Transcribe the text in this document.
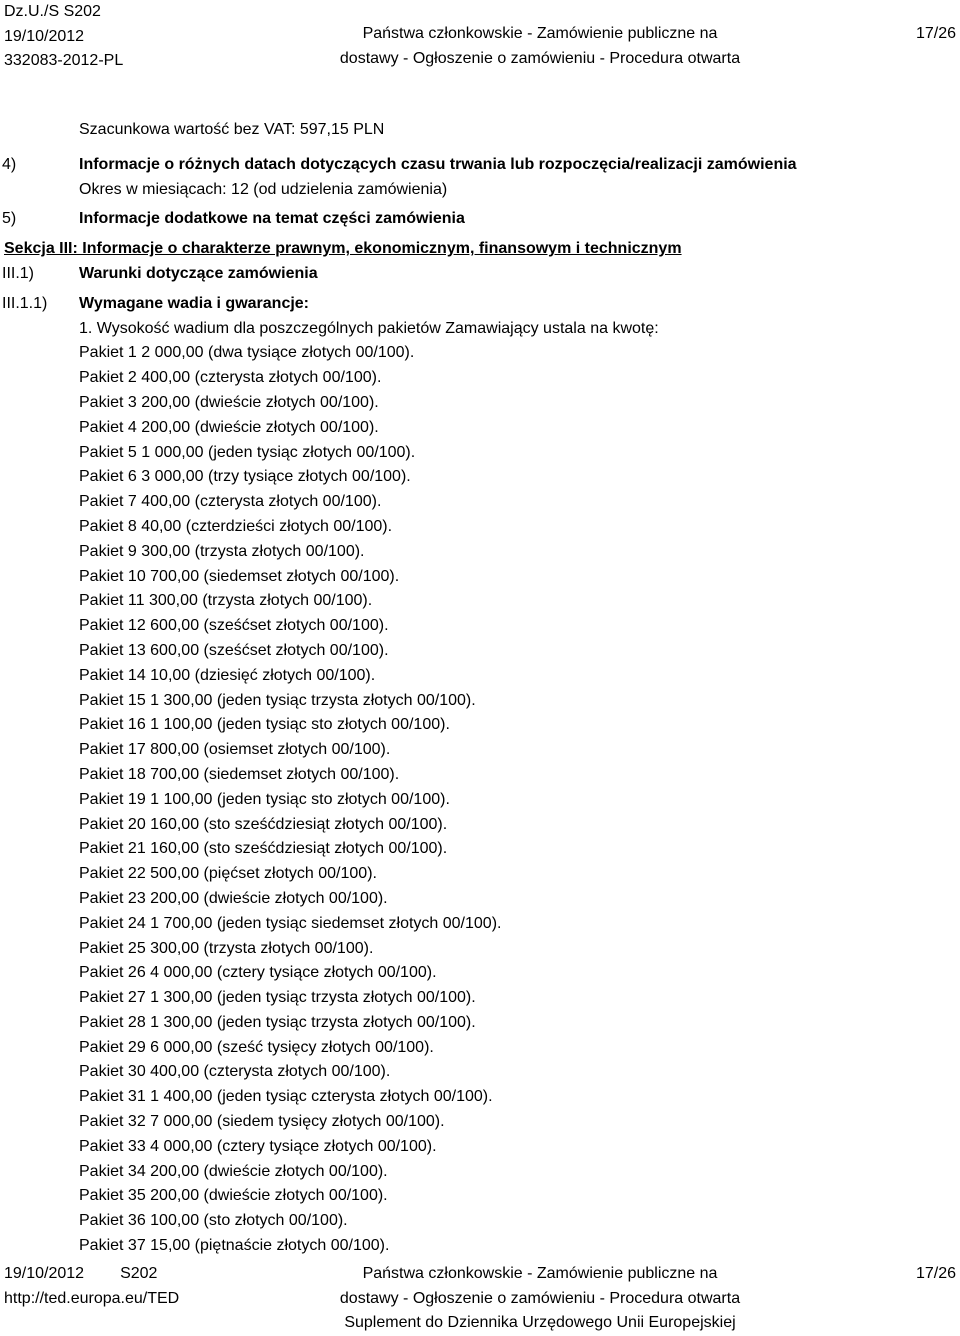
Dz.U./S S202
19/10/2012
332083-2012-PL
Państwa członkowskie - Zamówienie publiczne na
dostawy - Ogłoszenie o zamówieniu - Procedura otwarta
17/26
Szacunkowa wartość bez VAT: 597,15 PLN
4)	Informacje o różnych datach dotyczących czasu trwania lub rozpoczęcia/realizacji zamówienia
Okres w miesiącach: 12 (od udzielenia zamówienia)
5)	Informacje dodatkowe na temat części zamówienia
Sekcja III: Informacje o charakterze prawnym, ekonomicznym, finansowym i technicznym
III.1)	Warunki dotyczące zamówienia
III.1.1) Wymagane wadia i gwarancje:
1. Wysokość wadium dla poszczególnych pakietów Zamawiający ustala na kwotę:
Pakiet 1 2 000,00 (dwa tysiące złotych 00/100).
Pakiet 2 400,00 (czterysta złotych 00/100).
Pakiet 3 200,00 (dwieście złotych 00/100).
Pakiet 4 200,00 (dwieście złotych 00/100).
Pakiet 5 1 000,00 (jeden tysiąc złotych 00/100).
Pakiet 6 3 000,00 (trzy tysiące złotych 00/100).
Pakiet 7 400,00 (czterysta złotych 00/100).
Pakiet 8 40,00 (czterdzieści złotych 00/100).
Pakiet 9 300,00 (trzysta złotych 00/100).
Pakiet 10 700,00 (siedemset złotych 00/100).
Pakiet 11 300,00 (trzysta złotych 00/100).
Pakiet 12 600,00 (sześćset złotych 00/100).
Pakiet 13 600,00 (sześćset złotych 00/100).
Pakiet 14 10,00 (dziesięć złotych 00/100).
Pakiet 15 1 300,00 (jeden tysiąc trzysta złotych 00/100).
Pakiet 16 1 100,00 (jeden tysiąc sto złotych 00/100).
Pakiet 17 800,00 (osiemset złotych 00/100).
Pakiet 18 700,00 (siedemset złotych 00/100).
Pakiet 19 1 100,00 (jeden tysiąc sto złotych 00/100).
Pakiet 20 160,00 (sto sześćdziesiąt złotych 00/100).
Pakiet 21 160,00 (sto sześćdziesiąt złotych 00/100).
Pakiet 22 500,00 (pięćset złotych 00/100).
Pakiet 23 200,00 (dwieście złotych 00/100).
Pakiet 24 1 700,00 (jeden tysiąc siedemset złotych 00/100).
Pakiet 25 300,00 (trzysta złotych 00/100).
Pakiet 26 4 000,00 (cztery tysiące złotych 00/100).
Pakiet 27 1 300,00 (jeden tysiąc trzysta złotych 00/100).
Pakiet 28 1 300,00 (jeden tysiąc trzysta złotych 00/100).
Pakiet 29 6 000,00 (sześć tysięcy złotych 00/100).
Pakiet 30 400,00 (czterysta złotych 00/100).
Pakiet 31 1 400,00 (jeden tysiąc czterysta złotych 00/100).
Pakiet 32 7 000,00 (siedem tysięcy złotych 00/100).
Pakiet 33 4 000,00 (cztery tysiące złotych 00/100).
Pakiet 34 200,00 (dwieście złotych 00/100).
Pakiet 35 200,00 (dwieście złotych 00/100).
Pakiet 36 100,00 (sto złotych 00/100).
Pakiet 37 15,00 (piętnaście złotych 00/100).
19/10/2012 S202
http://ted.europa.eu/TED
Państwa członkowskie - Zamówienie publiczne na
dostawy - Ogłoszenie o zamówieniu - Procedura otwarta
Suplement do Dziennika Urzędowego Unii Europejskiej
17/26
